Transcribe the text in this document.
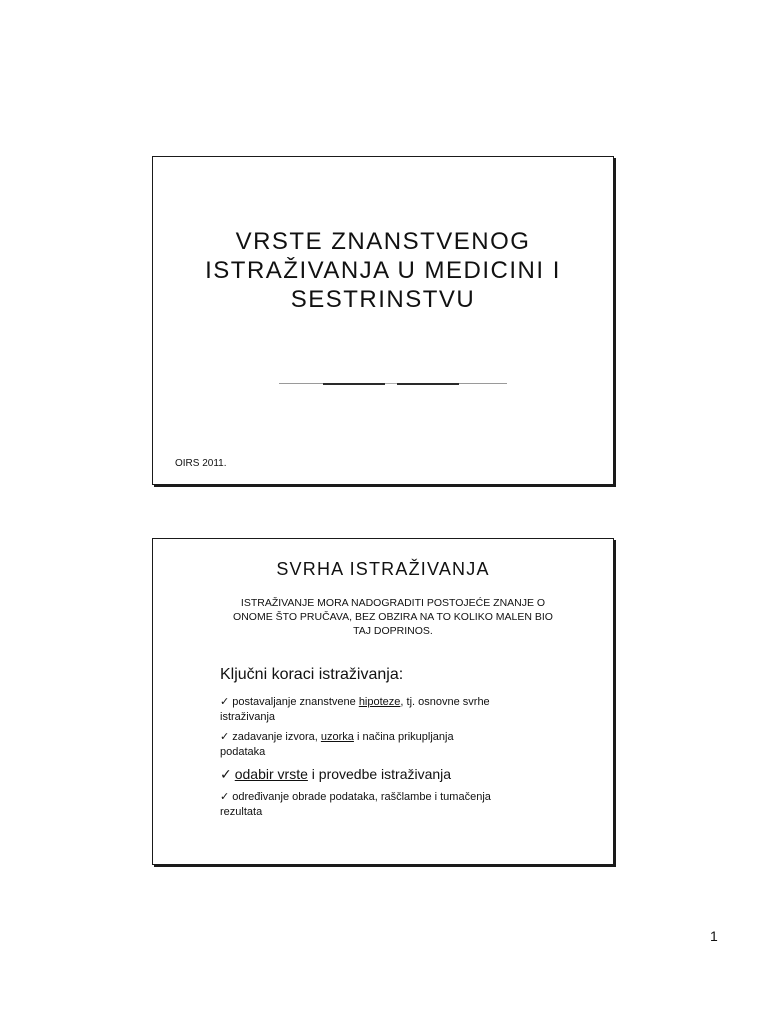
VRSTE ZNANSTVENOG
ISTRAŽIVANJA U MEDICINI I
SESTRINSTVU
OIRS 2011.
SVRHA ISTRAŽIVANJA
ISTRAŽIVANJE MORA NADOGRADITI POSTOJEĆE ZNANJE O
ONOME ŠTO PRUČAVA, BEZ OBZIRA NA TO KOLIKO MALEN BIO
TAJ DOPRINOS.
Ključni koraci istraživanja:
✓ postavaljanje znanstvene hipoteze, tj. osnovne svrhe
istraživanja
✓ zadavanje izvora, uzorka i načina prikupljanja
podataka
✓ odabir vrste i provedbe istraživanja
✓ određivanje obrade podataka, raščlambe i tumačenja
rezultata
1
